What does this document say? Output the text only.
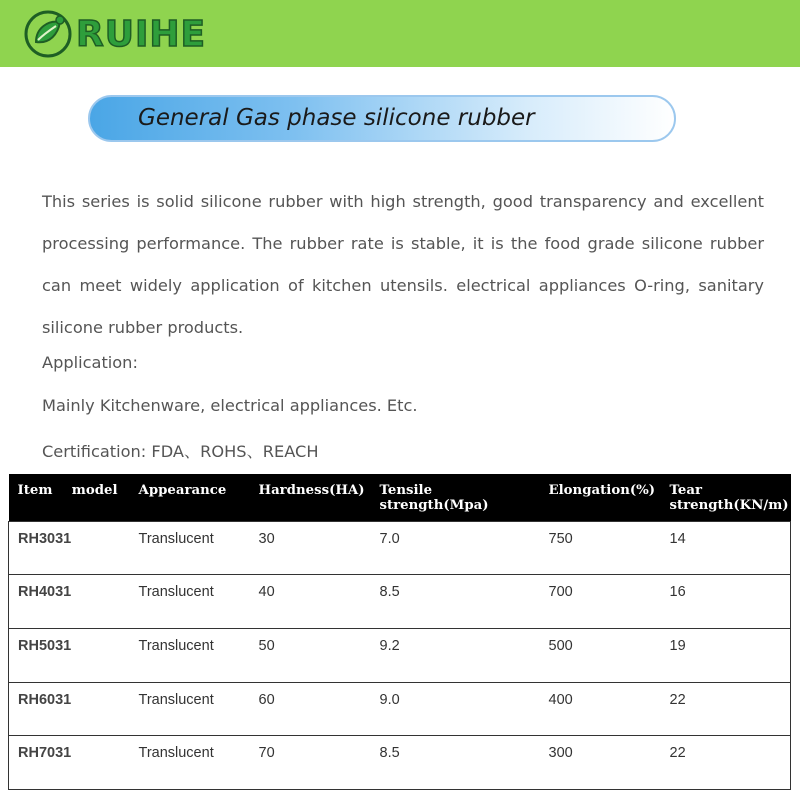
RUIHE
General Gas phase silicone rubber
This series is solid silicone rubber with high strength, good transparency and excellent processing performance. The rubber rate is stable, it is the food grade silicone rubber can meet widely application of kitchen utensils. electrical appliances O-ring, sanitary silicone rubber products.
Application:
Mainly Kitchenware, electrical appliances. Etc.
Certification: FDA、ROHS、REACH
Item model	Appearance	Hardness(HA)	Tensile strength(Mpa)	Elongation(%)	Tear strength(KN/m)
RH3031	Translucent	30	7.0	750	14
RH4031	Translucent	40	8.5	700	16
RH5031	Translucent	50	9.2	500	19
RH6031	Translucent	60	9.0	400	22
RH7031	Translucent	70	8.5	300	22
